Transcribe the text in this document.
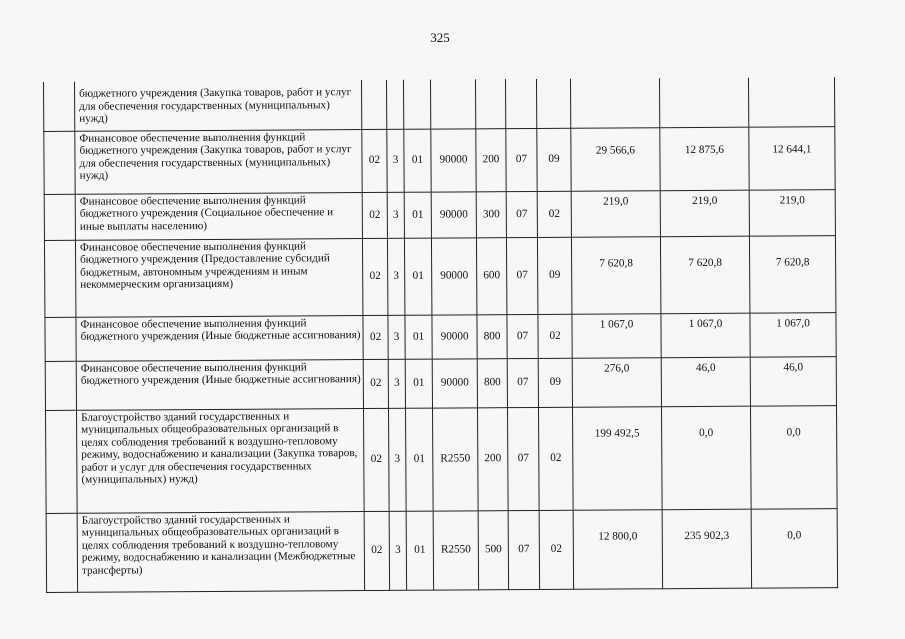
325
	бюджетного учреждения (Закупка товаров, работ и услуг для обеспечения государственных (муниципальных) нужд)										
	Финансовое обеспечение выполнения функций бюджетного учреждения (Закупка товаров, работ и услуг для обеспечения государственных (муниципальных) нужд)	02	3	01	90000	200	07	09	29 566,6	12 875,6	12 644,1
	Финансовое обеспечение выполнения функций бюджетного учреждения (Социальное обеспечение и иные выплаты населению)	02	3	01	90000	300	07	02	219,0	219,0	219,0
	Финансовое обеспечение выполнения функций бюджетного учреждения (Предоставление субсидий бюджетным, автономным учреждениям и иным некоммерческим организациям)	02	3	01	90000	600	07	09	7 620,8	7 620,8	7 620,8
	Финансовое обеспечение выполнения функций бюджетного учреждения (Иные бюджетные ассигнования)	02	3	01	90000	800	07	02	1 067,0	1 067,0	1 067,0
	Финансовое обеспечение выполнения функций бюджетного учреждения (Иные бюджетные ассигнования)	02	3	01	90000	800	07	09	276,0	46,0	46,0
	Благоустройство зданий государственных и муниципальных общеобразовательных организаций в целях соблюдения требований к воздушно-тепловому режиму, водоснабжению и канализации (Закупка товаров, работ и услуг для обеспечения государственных (муниципальных) нужд)	02	3	01	R2550	200	07	02	199 492,5	0,0	0,0
	Благоустройство зданий государственных и муниципальных общеобразовательных организаций в целях соблюдения требований к воздушно-тепловому режиму, водоснабжению и канализации (Межбюджетные трансферты)	02	3	01	R2550	500	07	02	12 800,0	235 902,3	0,0
